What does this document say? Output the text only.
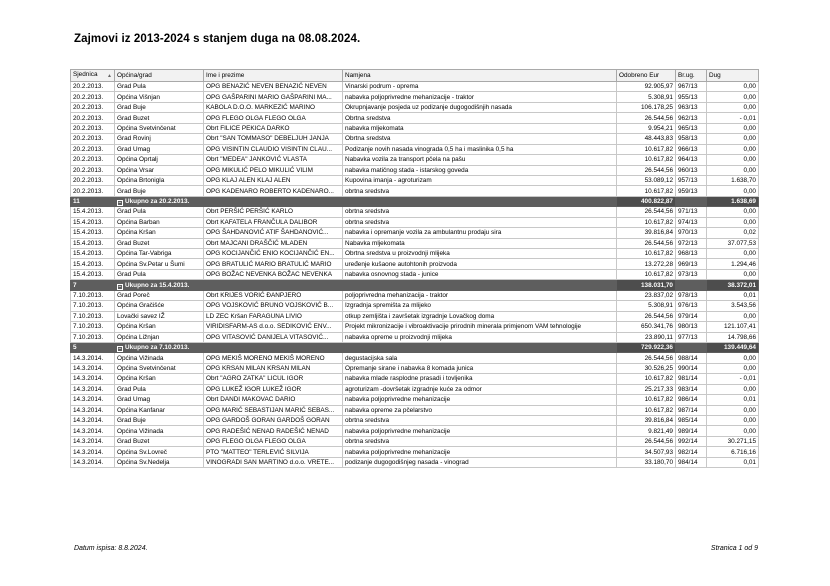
Zajmovi iz 2013-2024 s stanjem duga na 08.08.2024.
Sjednica ▲	Općina/grad	Ime i prezime	Namjena	Odobreno Eur	Br.ug.	Dug
20.2.2013.	Grad Pula	OPG BENAZIĆ NEVEN BENAZIĆ NEVEN	Vinarski podrum - oprema	92.905,97	967/13	0,00
20.2.2013.	Općina Višnjan	OPG GAŠPARINI MARIO GAŠPARINI MA...	nabavka poljoprivredne mehanizacije - traktor	5.308,91	955/13	0,00
20.2.2013.	Grad Buje	KABOLA D.O.O. MARKEZIĆ MARINO	Okrupnjavanje posjeda uz podizanje dugogodišnjih nasada	106.178,25	963/13	0,00
20.2.2013.	Grad Buzet	OPG FLEGO OLGA FLEGO OLGA	Obrtna sredstva	26.544,56	962/13	- 0,01
20.2.2013.	Općina Svetvinčenat	Obrt FILICE PEKICA DARKO	nabavka mljekomata	9.954,21	965/13	0,00
20.2.2013.	Grad Rovinj	Obrt "SAN TOMMASO" DEBELJUH JANJA	Obrtna sredstva	48.443,83	958/13	0,00
20.2.2013.	Grad Umag	OPG VISINTIN CLAUDIO VISINTIN CLAU...	Podizanje novih nasada vinograda 0,5 ha i maslinika 0,5 ha	10.617,82	966/13	0,00
20.2.2013.	Općina Oprtalj	Obrt "MEDEA" JANKOVIĆ VLASTA	Nabavka vozila za transport pčela na pašu	10.617,82	964/13	0,00
20.2.2013.	Općina Vrsar	OPG MIKULIĆ PELO MIKULIĆ VILIM	nabavka matičnog stada - istarskog goveda	26.544,56	960/13	0,00
20.2.2013.	Općina Brtonigla	OPG KLAJ ALEN KLAJ ALEN	Kupovina imanja - agroturizam	53.089,12	957/13	1.638,70
20.2.2013.	Grad Buje	OPG KADENARO ROBERTO KADENARO...	obrtna sredstva	10.617,82	959/13	0,00
11	− Ukupno za 20.2.2013.			400.822,87		1.638,69
15.4.2013.	Grad Pula	Obrt PERŠIĆ PERŠIĆ KARLO	obrtna sredstva	26.544,56	971/13	0,00
15.4.2013.	Općina Barban	Obrt KAFATELA FRANČULA DALIBOR	obrtna sredstva	10.617,82	974/13	0,00
15.4.2013.	Općina Kršan	OPG ŠAHDANOVIĆ ATIF ŠAHDANOVIĆ...	nabavka i opremanje vozila za ambulantnu prodaju sira	39.816,84	970/13	0,02
15.4.2013.	Grad Buzet	Obrt MAJCANI DRAŠČIĆ MLADEN	Nabavka mljekomata	26.544,56	972/13	37.077,53
15.4.2013.	Općina Tar-Vabriga	OPG KOCIJANČIĆ ENIO KOCIJANČIĆ EN...	Obrtna sredstva u proizvodnji mlijeka	10.617,82	968/13	0,00
15.4.2013.	Općina Sv.Petar u Šumi	OPG BRATULIĆ MARIO BRATULIĆ MARIO	uređenje kušaone autohtonih proizvoda	13.272,28	969/13	1.294,46
15.4.2013.	Grad Pula	OPG BOŽAC NEVENKA BOŽAC NEVENKA	nabavka osnovnog stada - junice	10.617,82	973/13	0,00
7	− Ukupno za 15.4.2013.			138.031,70		38.372,01
7.10.2013.	Grad Poreč	Obrt KRIJES VORIĆ ĐANPJERO	poljoprivredna mehanizacija - traktor	23.837,02	978/13	0,01
7.10.2013.	Općina Gračišće	OPG VOJSKOVIĆ BRUNO VOJSKOVIĆ B...	Izgradnja spremišta za mlijeko	5.308,91	976/13	3.543,56
7.10.2013.	Lovački savez IŽ	LD ZEC Kršan FARAGUNA LIVIO	otkup zemljišta i završetak izgradnje Lovačkog doma	26.544,56	979/14	0,00
7.10.2013.	Općina Kršan	VIRIDISFARM-AS d.o.o. SEDIKOVIĆ ENV...	Projekt mikronizacije i vibroaktivacije prirodnih minerala primjenom VAM tehnologije	650.341,76	980/13	121.107,41
7.10.2013.	Općina Ližnjan	OPG VITASOVIĆ DANIJELA VITASOVIĆ...	nabavka opreme u proizvodnji mlijeka	23.890,11	977/13	14.798,66
5	− Ukupno za 7.10.2013.			729.922,36		139.449,64
14.3.2014.	Općina Vižinada	OPG MEKIŠ MORENO MEKIŠ MORENO	degustacijska sala	26.544,56	988/14	0,00
14.3.2014.	Općina Svetvinčenat	OPG KRSAN MILAN KRSAN MILAN	Opremanje sirane i nabavka 8 komada junica	30.526,25	990/14	0,00
14.3.2014.	Općina Kršan	Obrt "AGRO ZATKA" LICUL IGOR	nabavka mlade rasplodne prasadi i tovljenika	10.617,82	981/14	- 0,01
14.3.2014.	Grad Pula	OPG LUKEŽ IGOR LUKEŽ IGOR	agroturizam -dovršetak izgradnje kuće za odmor	25.217,33	983/14	0,00
14.3.2014.	Grad Umag	Obrt DANDI MAKOVAC DARIO	nabavka poljoprivredne mehanizacije	10.617,82	986/14	0,01
14.3.2014.	Općina Kanfanar	OPG MARIĆ SEBASTIJAN MARIĆ SEBAS...	nabavka opreme za pčelarstvo	10.617,82	987/14	0,00
14.3.2014.	Grad Buje	OPG GARDOŠ GORAN GARDOŠ GORAN	obrtna sredstva	39.816,84	985/14	0,00
14.3.2014.	Općina Vižinada	OPG RADEŠIĆ NENAD RADEŠIĆ NENAD	nabavka poljoprivredne mehanizacije	9.821,49	989/14	0,00
14.3.2014.	Grad Buzet	OPG FLEGO OLGA FLEGO OLGA	obrtna sredstva	26.544,56	992/14	30.271,15
14.3.2014.	Općina Sv.Lovreč	PTO "MATTEO" TERLEVIĆ SILVIJA	nabavka poljoprivredne mehanizacije	34.507,93	982/14	6.716,16
14.3.2014.	Općina Sv.Nedelja	VINOGRADI SAN MARTINO d.o.o. VRETE...	podizanje dugogodišnjeg nasada - vinograd	33.180,70	984/14	0,01
Datum ispisa: 8.8.2024.	Stranica 1 od 9
